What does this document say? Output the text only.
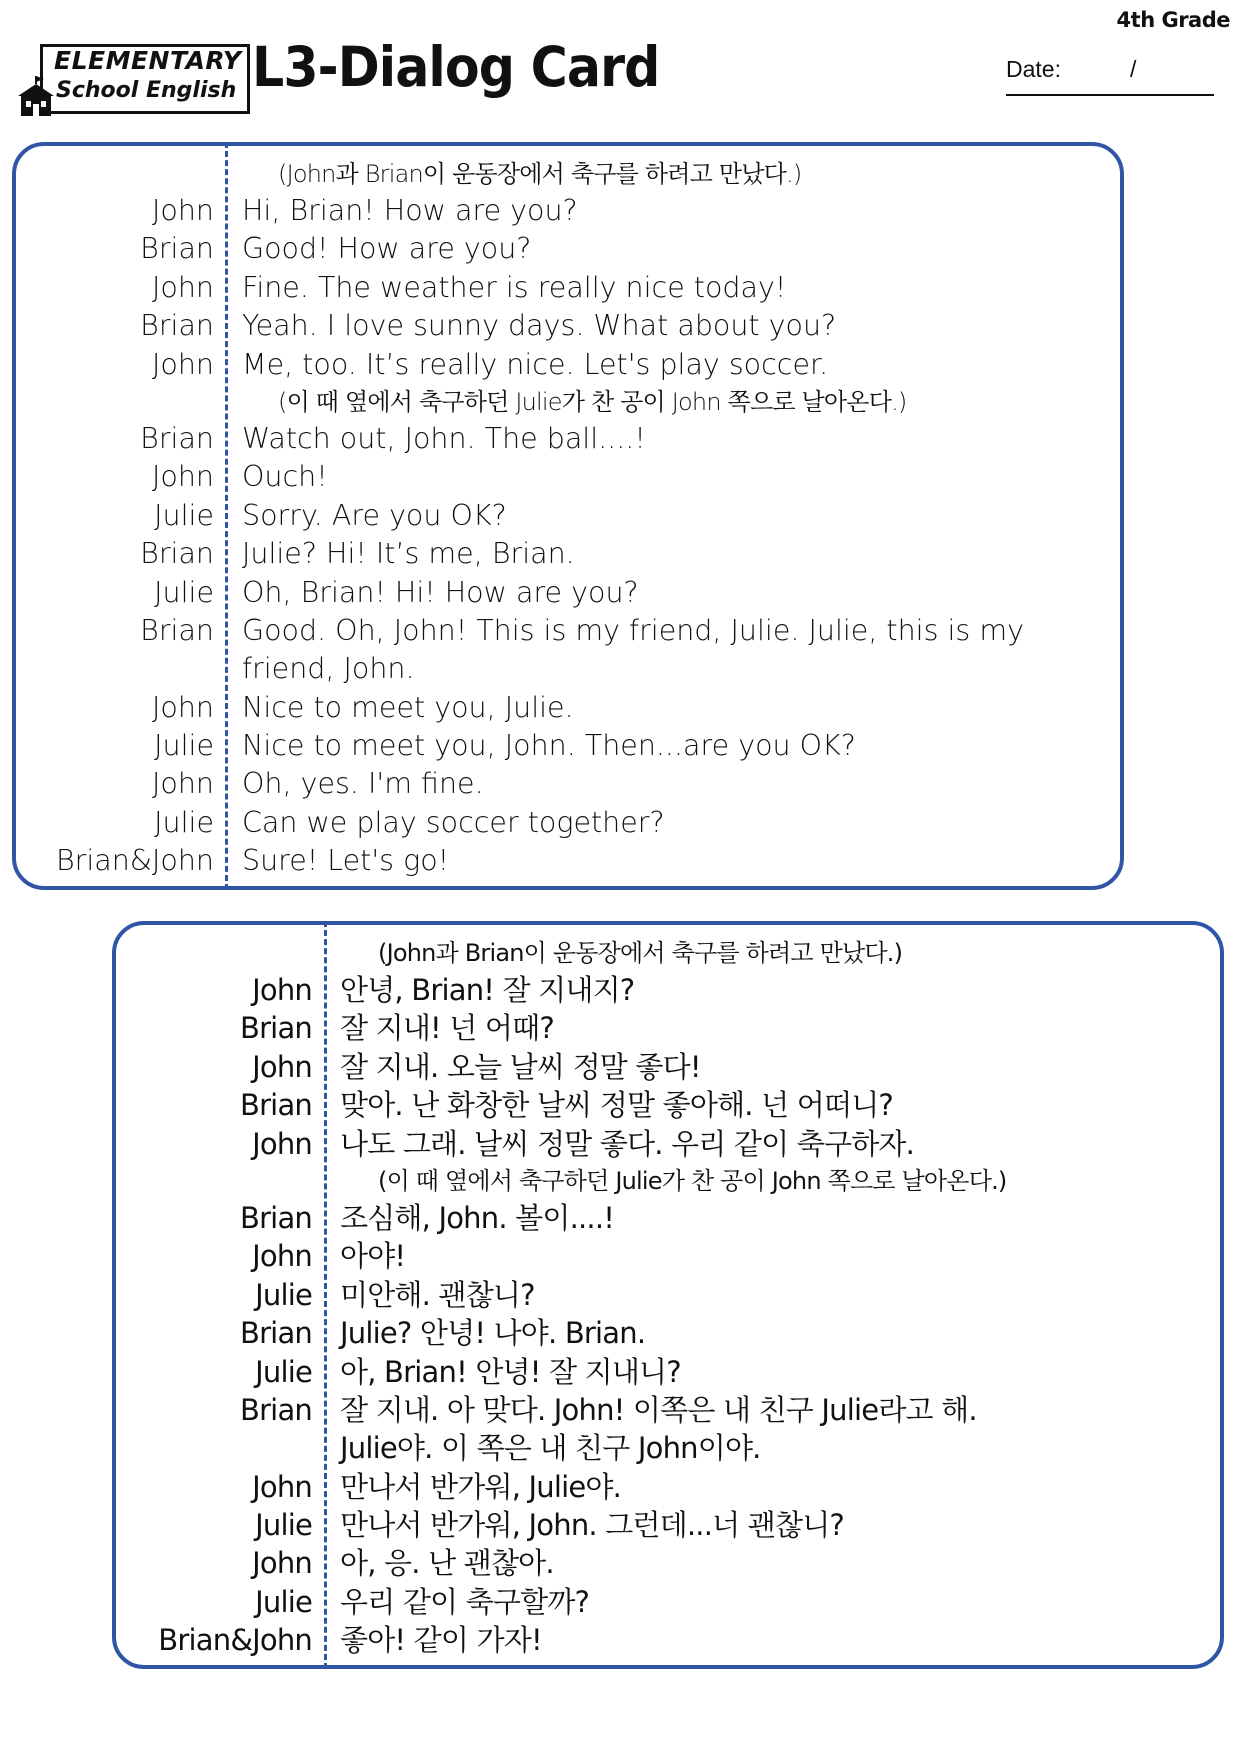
4th Grade
ELEMENTARY
School English L3-Dialog Card	Date:	/
(John과 Brian이 운동장에서 축구를 하려고 만났다.)
John Hi, Brian! How are you?
Brian Good! How are you?
John Fine. The weather is really nice today!
Brian Yeah. I love sunny days. What about you?
John Me, too. It’s really nice. Let's play soccer.
(이 때 옆에서 축구하던 Julie가 찬 공이 John 쪽으로 날아온다.)
Brian Watch out, John. The ball....!
John Ouch!
Julie Sorry. Are you OK?
Brian Julie? Hi! It’s me, Brian.
Julie Oh, Brian! Hi! How are you?
Brian Good. Oh, John! This is my friend, Julie. Julie, this is my
friend, John.
John Nice to meet you, Julie.
Julie Nice to meet you, John. Then...are you OK?
John Oh, yes. I'm fine.
Julie Can we play soccer together?
Brian&John Sure! Let's go!
(John과 Brian이 운동장에서 축구를 하려고 만났다.)
John 안녕, Brian! 잘 지내지?
Brian 잘 지내! 넌 어때?
John 잘 지내. 오늘 날씨 정말 좋다!
Brian 맞아. 난 화창한 날씨 정말 좋아해. 넌 어떠니?
John 나도 그래. 날씨 정말 좋다. 우리 같이 축구하자.
(이 때 옆에서 축구하던 Julie가 찬 공이 John 쪽으로 날아온다.)
Brian 조심해, John. 볼이....!
John 아야!
Julie 미안해. 괜찮니?
Brian Julie? 안녕! 나야. Brian.
Julie 아, Brian! 안녕! 잘 지내니?
Brian 잘 지내. 아 맞다. John! 이쪽은 내 친구 Julie라고 해.
Julie야. 이 쪽은 내 친구 John이야.
John 만나서 반가워, Julie야.
Julie 만나서 반가워, John. 그런데...너 괜찮니?
John 아, 응. 난 괜찮아.
Julie 우리 같이 축구할까?
Brian&John 좋아! 같이 가자!
